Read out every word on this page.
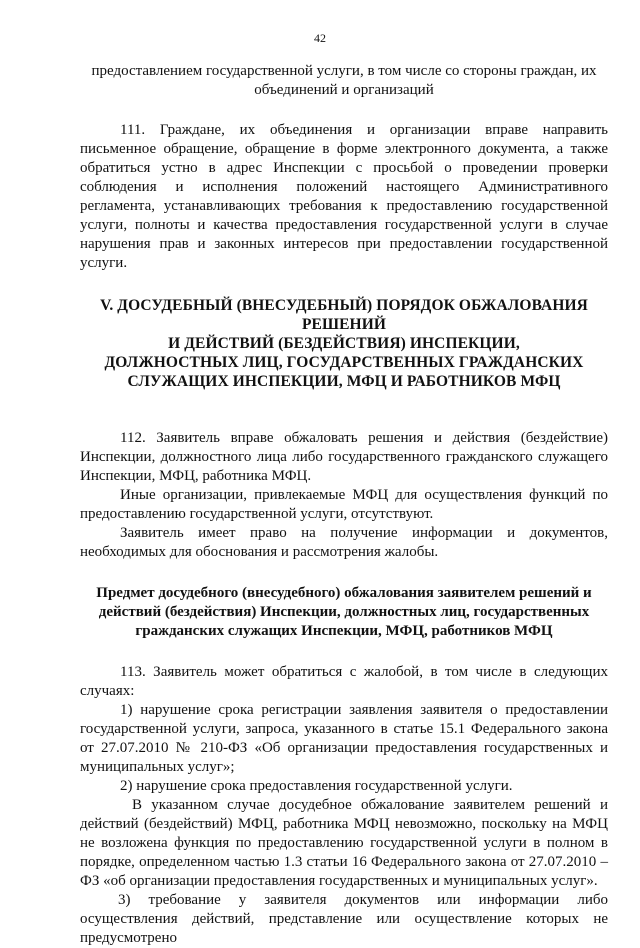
42

предоставлением государственной услуги, в том числе со стороны граждан, их
объединений и организаций

111. Граждане, их объединения и организации вправе направить письменное обращение, обращение в форме электронного документа, а также обратиться устно в адрес Инспекции с просьбой о проведении проверки соблюдения и исполнения положений настоящего Административного регламента, устанавливающих требования к предоставлению государственной услуги, полноты и качества предоставления государственной услуги в случае нарушения прав и законных интересов при предоставлении государственной услуги.

V. ДОСУДЕБНЫЙ (ВНЕСУДЕБНЫЙ) ПОРЯДОК ОБЖАЛОВАНИЯ
РЕШЕНИЙ
И ДЕЙСТВИЙ (БЕЗДЕЙСТВИЯ) ИНСПЕКЦИИ,
ДОЛЖНОСТНЫХ ЛИЦ, ГОСУДАРСТВЕННЫХ ГРАЖДАНСКИХ
СЛУЖАЩИХ ИНСПЕКЦИИ, МФЦ И РАБОТНИКОВ МФЦ

112. Заявитель вправе обжаловать решения и действия (бездействие) Инспекции, должностного лица либо государственного гражданского служащего Инспекции, МФЦ, работника МФЦ.

Иные организации, привлекаемые МФЦ для осуществления функций по предоставлению государственной услуги, отсутствуют.

Заявитель имеет право на получение информации и документов, необходимых для обоснования и рассмотрения жалобы.

Предмет досудебного (внесудебного) обжалования заявителем решений и
действий (бездействия) Инспекции, должностных лиц, государственных
гражданских служащих Инспекции, МФЦ, работников МФЦ

113. Заявитель может обратиться с жалобой, в том числе в следующих случаях:

1) нарушение срока регистрации заявления заявителя о предоставлении государственной услуги, запроса, указанного в статье 15.1 Федерального закона от 27.07.2010 № 210-ФЗ «Об организации предоставления государственных и муниципальных услуг»;

2) нарушение срока предоставления государственной услуги.

В указанном случае досудебное обжалование заявителем решений и действий (бездействий) МФЦ, работника МФЦ невозможно, поскольку на МФЦ не возложена функция по предоставлению государственной услуги в полном в порядке, определенном частью 1.3 статьи 16 Федерального закона от 27.07.2010 – ФЗ «об организации предоставления государственных и муниципальных услуг».

3) требование у заявителя документов или информации либо осуществления действий, представление или осуществление которых не предусмотрено
